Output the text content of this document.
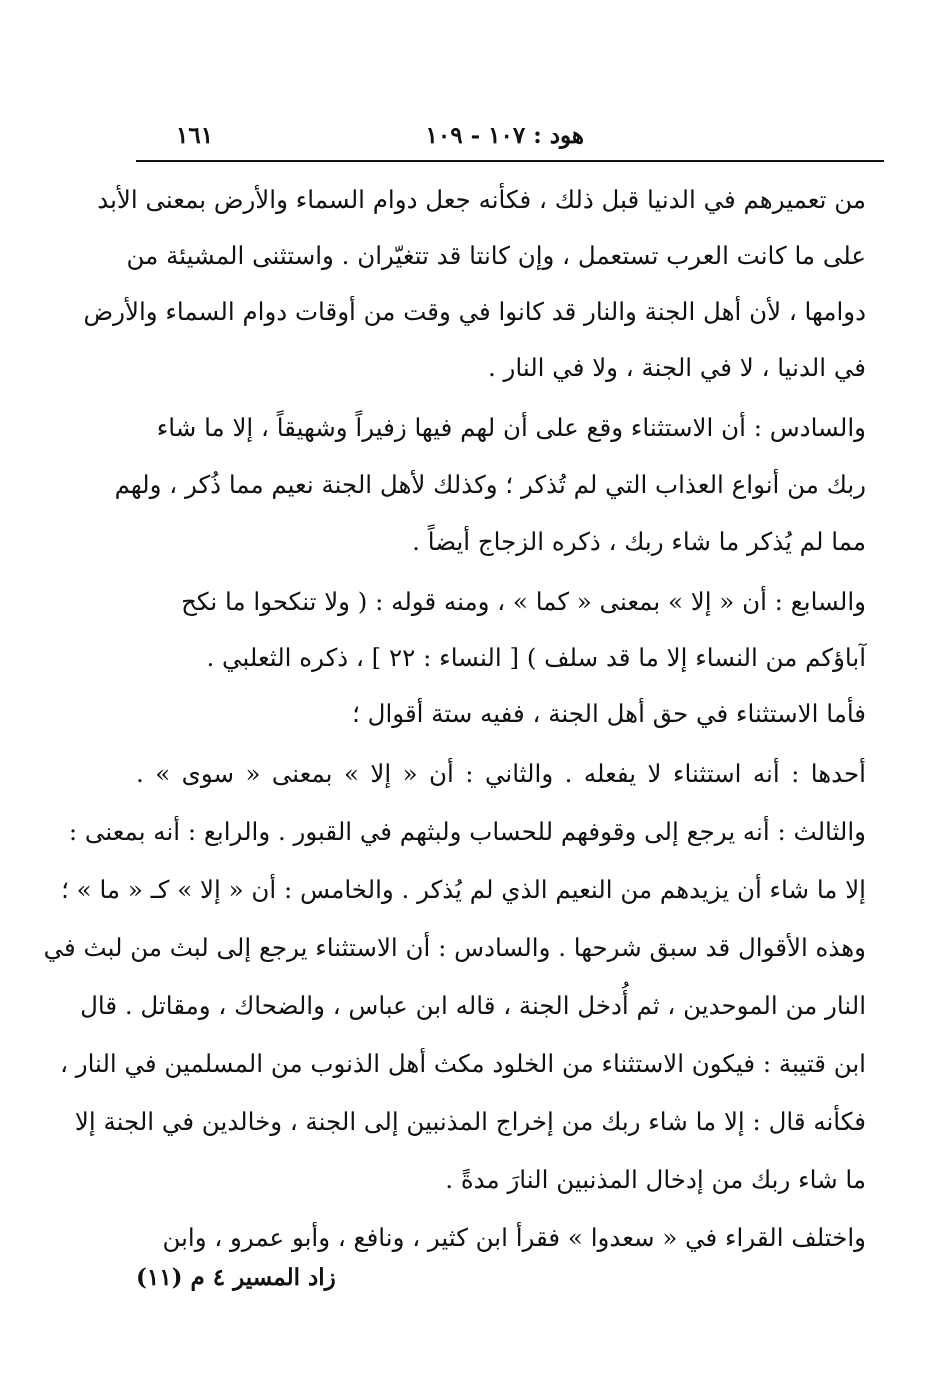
هود : ١٠٧ - ١٠٩
١٦١
من تعميرهم في الدنيا قبل ذلك ، فكأنه جعل دوام السماء والأرض بمعنى الأبد
على ما كانت العرب تستعمل ، وإن كانتا قد تتغيّران . واستثنى المشيئة من
دوامها ، لأن أهل الجنة والنار قد كانوا في وقت من أوقات دوام السماء والأرض
في الدنيا ، لا في الجنة ، ولا في النار .
والسادس : أن الاستثناء وقع على أن لهم فيها زفيراً وشهيقاً ، إلا ما شاء
ربك من أنواع العذاب التي لم تُذكر ؛ وكذلك لأهل الجنة نعيم مما ذُكر ، ولهم
مما لم يُذكر ما شاء ربك ، ذكره الزجاج أيضاً .
والسابع : أن « إلا » بمعنى « كما » ، ومنه قوله : ( ولا تنكحوا ما نكح
آباؤكم من النساء إلا ما قد سلف ) [ النساء : ٢٢ ] ، ذكره الثعلبي .
فأما الاستثناء في حق أهل الجنة ، ففيه ستة أقوال ؛
أحدها : أنه استثناء لا يفعله . والثاني : أن « إلا » بمعنى « سوى » .
والثالث : أنه يرجع إلى وقوفهم للحساب ولبثهم في القبور . والرابع : أنه بمعنى :
إلا ما شاء أن يزيدهم من النعيم الذي لم يُذكر . والخامس : أن « إلا » كـ « ما » ؛
وهذه الأقوال قد سبق شرحها . والسادس : أن الاستثناء يرجع إلى لبث من لبث في
النار من الموحدين ، ثم أُدخل الجنة ، قاله ابن عباس ، والضحاك ، ومقاتل . قال
ابن قتيبة : فيكون الاستثناء من الخلود مكث أهل الذنوب من المسلمين في النار ،
فكأنه قال : إلا ما شاء ربك من إخراج المذنبين إلى الجنة ، وخالدين في الجنة إلا
ما شاء ربك من إدخال المذنبين النارَ مدةً .
واختلف القراء في « سعدوا » فقرأ ابن كثير ، ونافع ، وأبو عمرو ، وابن
زاد المسير ٤ م (١١)
